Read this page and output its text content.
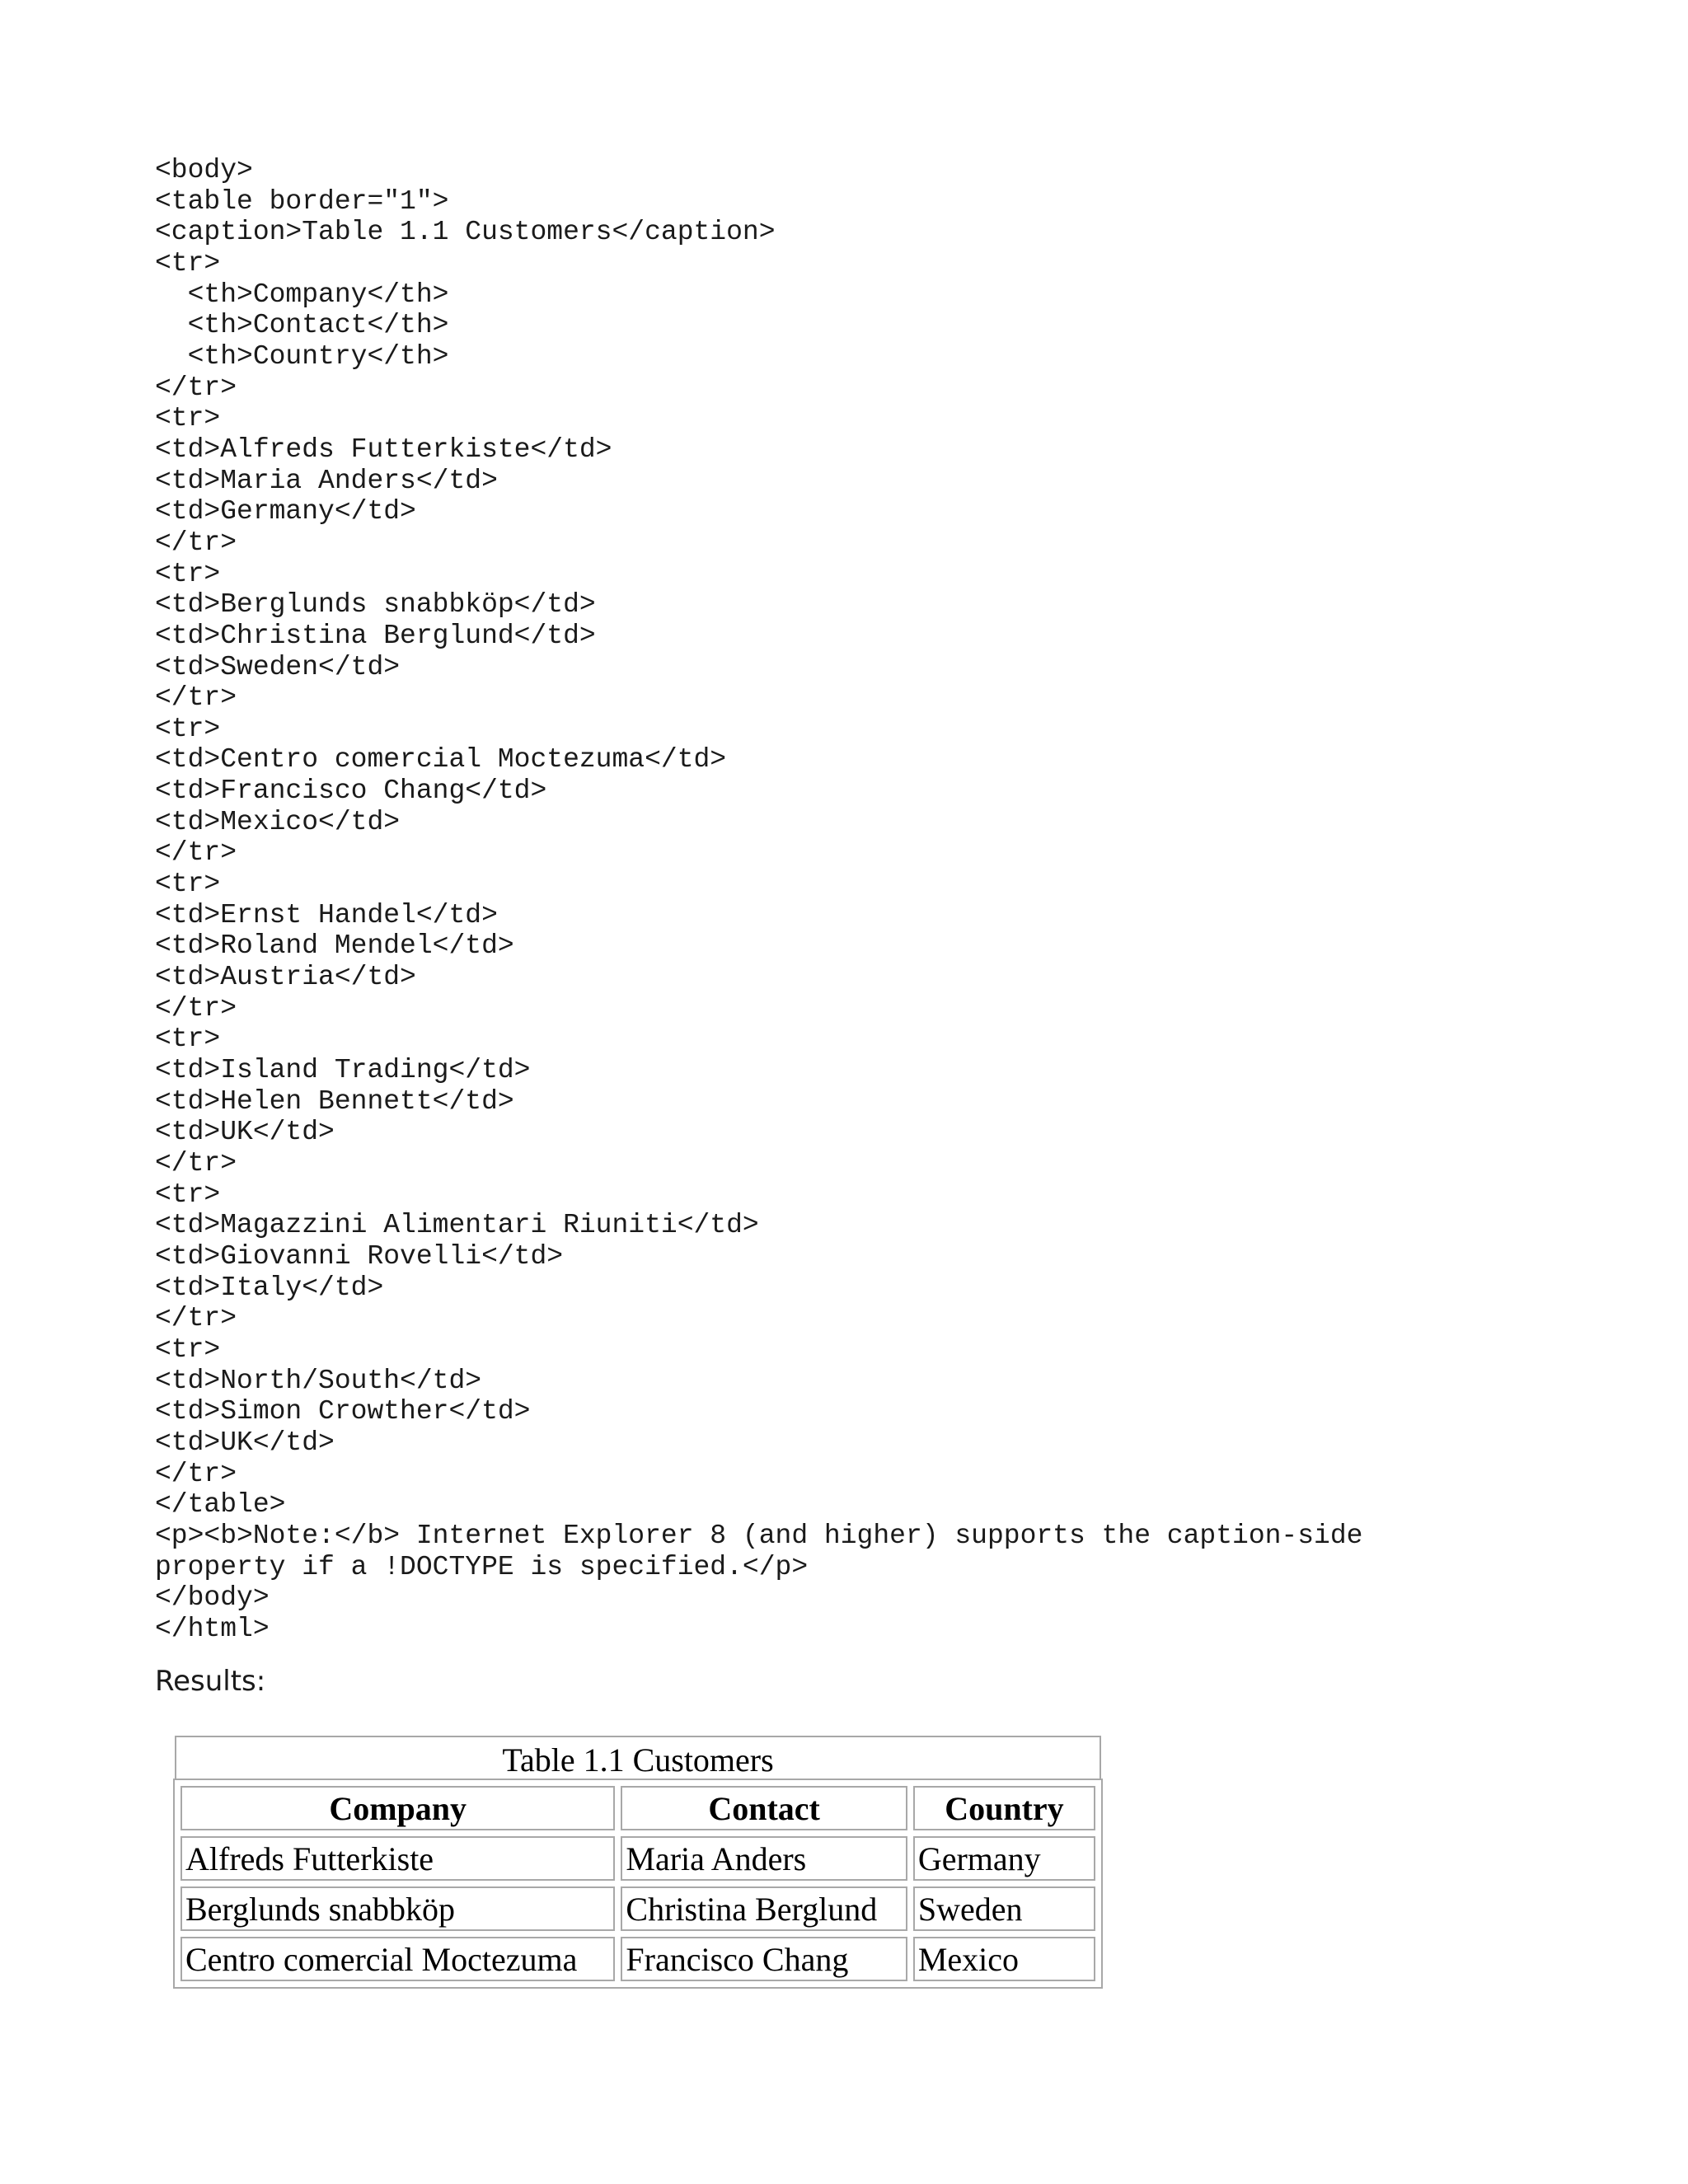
<body>
<table border="1">
<caption>Table 1.1 Customers</caption>
<tr>
<th>Company</th>
<th>Contact</th>
<th>Country</th>
</tr>
<tr>
<td>Alfreds Futterkiste</td>
<td>Maria Anders</td>
<td>Germany</td>
</tr>
<tr>
<td>Berglunds snabbköp</td>
<td>Christina Berglund</td>
<td>Sweden</td>
</tr>
<tr>
<td>Centro comercial Moctezuma</td>
<td>Francisco Chang</td>
<td>Mexico</td>
</tr>
<tr>
<td>Ernst Handel</td>
<td>Roland Mendel</td>
<td>Austria</td>
</tr>
<tr>
<td>Island Trading</td>
<td>Helen Bennett</td>
<td>UK</td>
</tr>
<tr>
<td>Magazzini Alimentari Riuniti</td>
<td>Giovanni Rovelli</td>
<td>Italy</td>
</tr>
<tr>
<td>North/South</td>
<td>Simon Crowther</td>
<td>UK</td>
</tr>
</table>
<p><b>Note:</b> Internet Explorer 8 (and higher) supports the caption-side
property if a !DOCTYPE is specified.</p>
</body>
</html>
Results:
Table 1.1 Customers
Company	Contact	Country
Alfreds Futterkiste	Maria Anders	Germany
Berglunds snabbköp	Christina Berglund	Sweden
Centro comercial Moctezuma	Francisco Chang	Mexico
